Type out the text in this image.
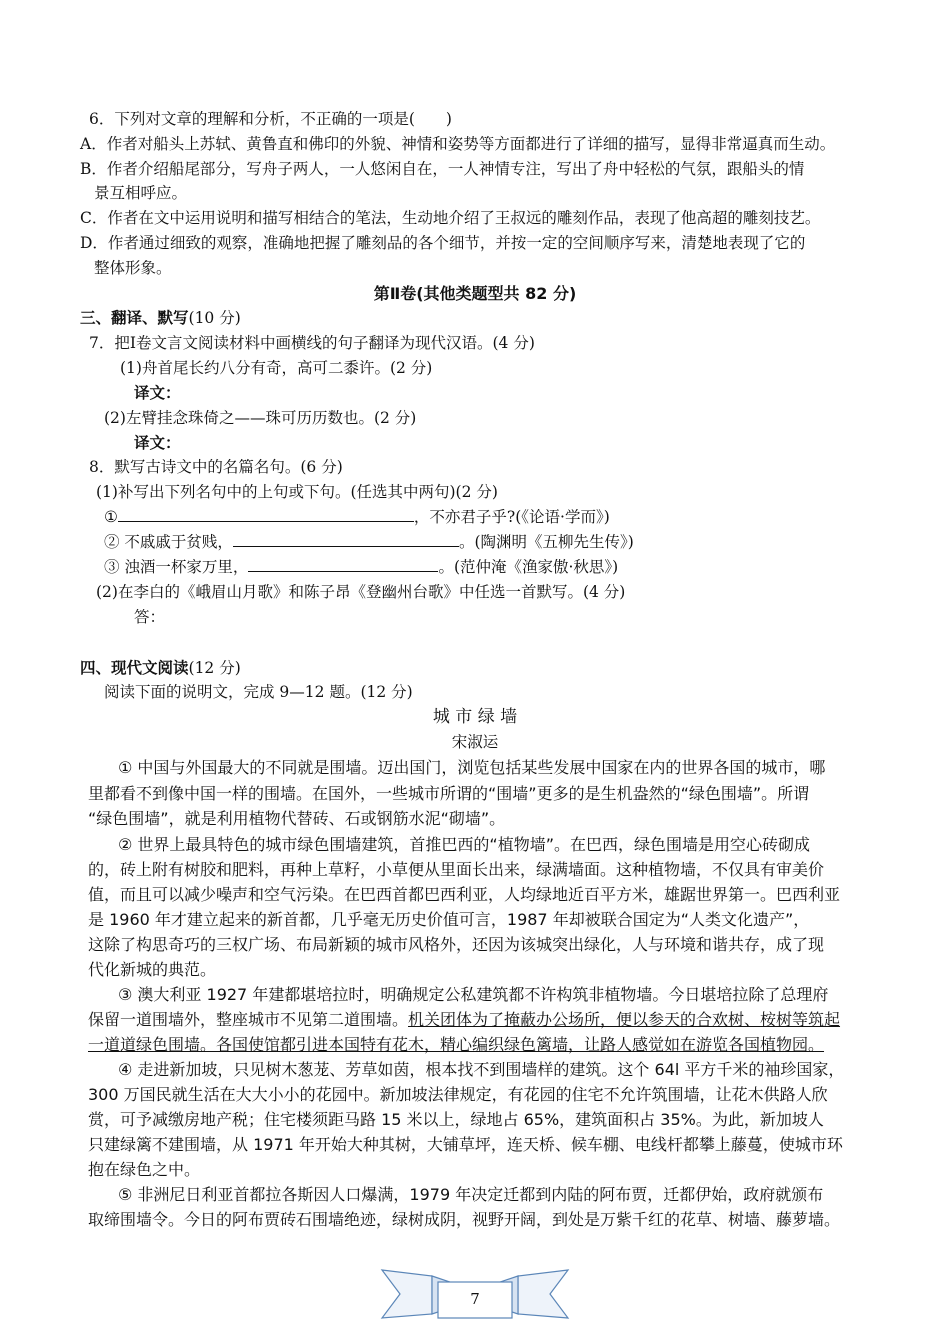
6．下列对文章的理解和分析，不正确的一项是(　　)
A．作者对船头上苏轼、黄鲁直和佛印的外貌、神情和姿势等方面都进行了详细的描写，显得非常逼真而生动。
B．作者介绍船尾部分，写舟子两人，一人悠闲自在，一人神情专注，写出了舟中轻松的气氛，跟船头的情
景互相呼应。
C．作者在文中运用说明和描写相结合的笔法，生动地介绍了王叔远的雕刻作品，表现了他高超的雕刻技艺。
D．作者通过细致的观察，准确地把握了雕刻品的各个细节，并按一定的空间顺序写来，清楚地表现了它的
整体形象。
第Ⅱ卷(其他类题型共 82 分)
三、翻译、默写(10 分)
7．把Ⅰ卷文言文阅读材料中画横线的句子翻译为现代汉语。(4 分)
(1)舟首尾长约八分有奇，高可二黍许。(2 分)
译文：
(2)左臂挂念珠倚之——珠可历历数也。(2 分)
译文：
8．默写古诗文中的名篇名句。(6 分)
(1)补写出下列名句中的上句或下句。(任选其中两句)(2 分)
①	，不亦君子乎?(《论语·学而》)
② 不戚戚于贫贱，	。(陶渊明《五柳先生传》)
③ 浊酒一杯家万里，	。(范仲淹《渔家傲·秋思》)
(2)在李白的《峨眉山月歌》和陈子昂《登幽州台歌》中任选一首默写。(4 分)
答：
四、现代文阅读(12 分)
阅读下面的说明文，完成 9—12 题。(12 分)
城 市 绿 墙
宋淑运
① 中国与外国最大的不同就是围墙。迈出国门，浏览包括某些发展中国家在内的世界各国的城市，哪
里都看不到像中国一样的围墙。在国外，一些城市所谓的“围墙”更多的是生机盎然的“绿色围墙”。所谓
“绿色围墙”，就是利用植物代替砖、石或钢筋水泥“砌墙”。
② 世界上最具特色的城市绿色围墙建筑，首推巴西的“植物墙”。在巴西，绿色围墙是用空心砖砌成
的，砖上附有树胶和肥料，再种上草籽，小草便从里面长出来，绿满墙面。这种植物墙，不仅具有审美价
值，而且可以减少噪声和空气污染。在巴西首都巴西利亚，人均绿地近百平方米，雄踞世界第一。巴西利亚
是 1960 年才建立起来的新首都，几乎毫无历史价值可言，1987 年却被联合国定为“人类文化遗产”，
这除了构思奇巧的三权广场、布局新颖的城市风格外，还因为该城突出绿化，人与环境和谐共存，成了现
代化新城的典范。
③ 澳大利亚 1927 年建都堪培拉时，明确规定公私建筑都不许构筑非植物墙。今日堪培拉除了总理府
保留一道围墙外，整座城市不见第二道围墙。机关团体为了掩蔽办公场所，便以参天的合欢树、桉树等筑起
一道道绿色围墙。各国使馆都引进本国特有花木，精心编织绿色篱墙，让路人感觉如在游览各国植物园。
④ 走进新加坡，只见树木葱茏、芳草如茵，根本找不到围墙样的建筑。这个 64l 平方千米的袖珍国家，
300 万国民就生活在大大小小的花园中。新加坡法律规定，有花园的住宅不允许筑围墙，让花木供路人欣
赏，可予减缴房地产税；住宅楼须距马路 15 米以上，绿地占 65%，建筑面积占 35%。为此，新加坡人
只建绿篱不建围墙，从 1971 年开始大种其树，大铺草坪，连天桥、候车棚、电线杆都攀上藤蔓，使城市环
抱在绿色之中。
⑤ 非洲尼日利亚首都拉各斯因人口爆满，1979 年决定迁都到内陆的阿布贾，迁都伊始，政府就颁布
取缔围墙令。今日的阿布贾砖石围墙绝迹，绿树成阴，视野开阔，到处是万紫千红的花草、树墙、藤萝墙。
7
